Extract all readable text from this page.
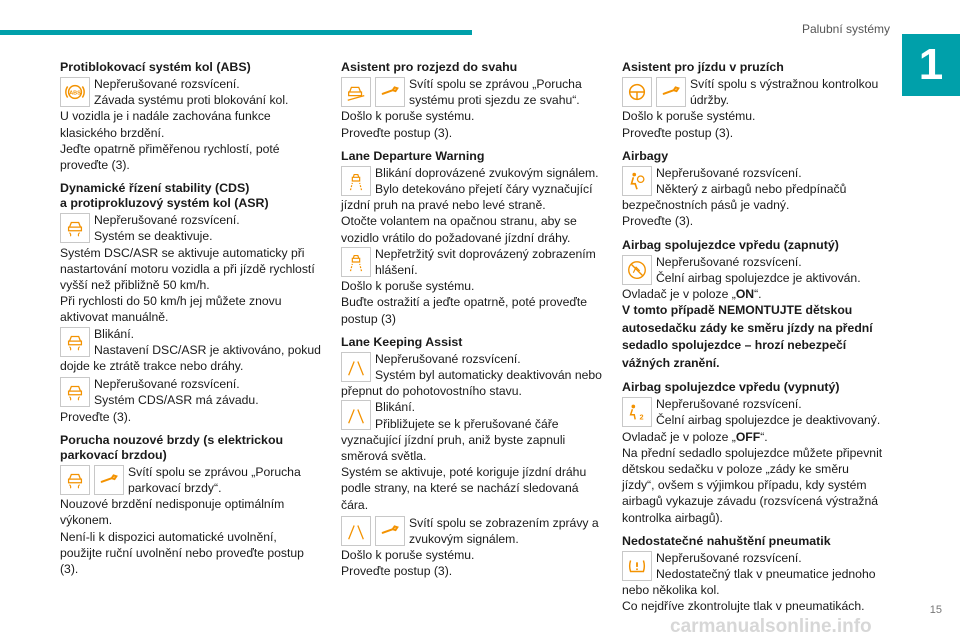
Palubní systémy
1
Protiblokovací systém kol (ABS)
ABS

Nepřerušované rozsvícení.
Závada systému proti blokování kol.

U vozidla je i nadále zachována funkce klasického brzdění.
Jeďte opatrně přiměřenou rychlostí, poté proveďte (3).

Dynamické řízení stability (CDS)
a protiprokluzový systém kol (ASR)

Nepřerušované rozsvícení.
Systém se deaktivuje.

Systém DSC/ASR se aktivuje automaticky při nastartování motoru vozidla a při jízdě rychlostí vyšší než přibližně 50 km/h.
Při rychlosti do 50 km/h jej můžete znovu aktivovat manuálně.

Blikání.
Nastavení DSC/ASR je aktivováno, pokud dojde ke ztrátě trakce nebo dráhy.

Nepřerušované rozsvícení.
Systém CDS/ASR má závadu.

Proveďte (3).

Porucha nouzové brzdy (s elektrickou parkovací brzdou)

Svítí spolu se zprávou „Porucha parkovací brzdy“.

Nouzové brzdění nedisponuje optimálním výkonem.
Není-li k dispozici automatické uvolnění, použijte ruční uvolnění nebo proveďte postup (3).

Asistent pro rozjezd do svahu

Svítí spolu se zprávou „Porucha systému proti sjezdu ze svahu“.

Došlo k poruše systému.
Proveďte postup (3).

Lane Departure Warning

Blikání doprovázené zvukovým signálem.
Bylo detekováno přejetí čáry vyznačující jízdní pruh na pravé nebo levé straně.

Otočte volantem na opačnou stranu, aby se vozidlo vrátilo do požadované jízdní dráhy.

Nepřetržitý svit doprovázený zobrazením hlášení.

Došlo k poruše systému.
Buďte ostražití a jeďte opatrně, poté proveďte postup (3)

Lane Keeping Assist

Nepřerušované rozsvícení.
Systém byl automaticky deaktivován nebo přepnut do pohotovostního stavu.

Blikání.
Přibližujete se k přerušované čáře vyznačující jízdní pruh, aniž byste zapnuli směrová světla.

Systém se aktivuje, poté koriguje jízdní dráhu podle strany, na které se nachází sledovaná čára.

Svítí spolu se zobrazením zprávy a zvukovým signálem.

Došlo k poruše systému.
Proveďte postup (3).

Asistent pro jízdu v pruzích

Svítí spolu s výstražnou kontrolkou údržby.

Došlo k poruše systému.
Proveďte postup (3).

Airbagy

Nepřerušované rozsvícení.
Některý z airbagů nebo předpínačů bezpečnostních pásů je vadný.

Proveďte (3).

Airbag spolujezdce vpředu (zapnutý)

Nepřerušované rozsvícení.
Čelní airbag spolujezdce je aktivován.

Ovladač je v poloze „ON“.

V tomto případě NEMONTUJTE dětskou autosedačku zády ke směru jízdy na přední sedadlo spolujezdce – hrozí nebezpečí vážných zranění.

Airbag spolujezdce vpředu (vypnutý)
2

Nepřerušované rozsvícení.
Čelní airbag spolujezdce je deaktivovaný.

Ovladač je v poloze „OFF“.

Na přední sedadlo spolujezdce můžete připevnit dětskou sedačku v poloze „zády ke směru jízdy“, ovšem s výjimkou případu, kdy systém airbagů vykazuje závadu (rozsvícená výstražná kontrolka airbagů).

Nedostatečné nahuštění pneumatik

Nepřerušované rozsvícení.
Nedostatečný tlak v pneumatice jednoho nebo několika kol.

Co nejdříve zkontrolujte tlak v pneumatikách.	15
carmanualsonline.info
